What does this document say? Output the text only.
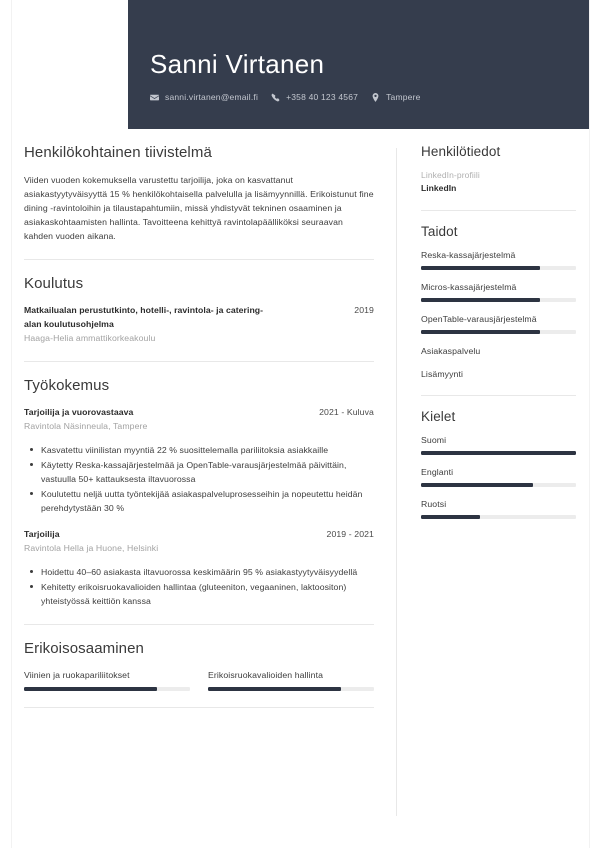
Sanni Virtanen
sanni.virtanen@email.fi	+358 40 123 4567	Tampere
Henkilökohtainen tiivistelmä

Viiden vuoden kokemuksella varustettu tarjoilija, joka on kasvattanut asiakastyytyväisyyttä 15 % henkilökohtaisella palvelulla ja lisämyynnillä. Erikoistunut fine dining -ravintoloihin ja tilaustapahtumiin, missä yhdistyvät tekninen osaaminen ja asiakaskohtaamisten hallinta. Tavoitteena kehittyä ravintolapäälliköksi seuraavan kahden vuoden aikana.

Koulutus
Matkailualan perustutkinto, hotelli-, ravintola- ja catering-alan koulutusohjelma
2019
Haaga-Helia ammattikorkeakoulu
Työkokemus
Tarjoilija ja vuorovastaava	2021 - Kuluva
Ravintola Näsinneula, Tampere
Kasvatettu viinilistan myyntiä 22 % suosittelemalla pariliitoksia asiakkaille
Käytetty Reska-kassajärjestelmää ja OpenTable-varausjärjestelmää päivittäin, vastuulla 50+ kattauksesta iltavuorossa
Koulutettu neljä uutta työntekijää asiakaspalveluprosesseihin ja nopeutettu heidän perehdytystään 30 %
Tarjoilija	2019 - 2021
Ravintola Hella ja Huone, Helsinki
Hoidettu 40–60 asiakasta iltavuorossa keskimäärin 95 % asiakastyytyväisyydellä
Kehitetty erikoisruokavalioiden hallintaa (gluteeniton, vegaaninen, laktoositon) yhteistyössä keittiön kanssa
Erikoisosaaminen
Viinien ja ruokapariliitokset	Erikoisruokavalioiden hallinta
Henkilötiedot
LinkedIn-profiili
LinkedIn
Taidot
Reska-kassajärjestelmä
Micros-kassajärjestelmä
OpenTable-varausjärjestelmä
Asiakaspalvelu
Lisämyynti
Kielet
Suomi
Englanti
Ruotsi
